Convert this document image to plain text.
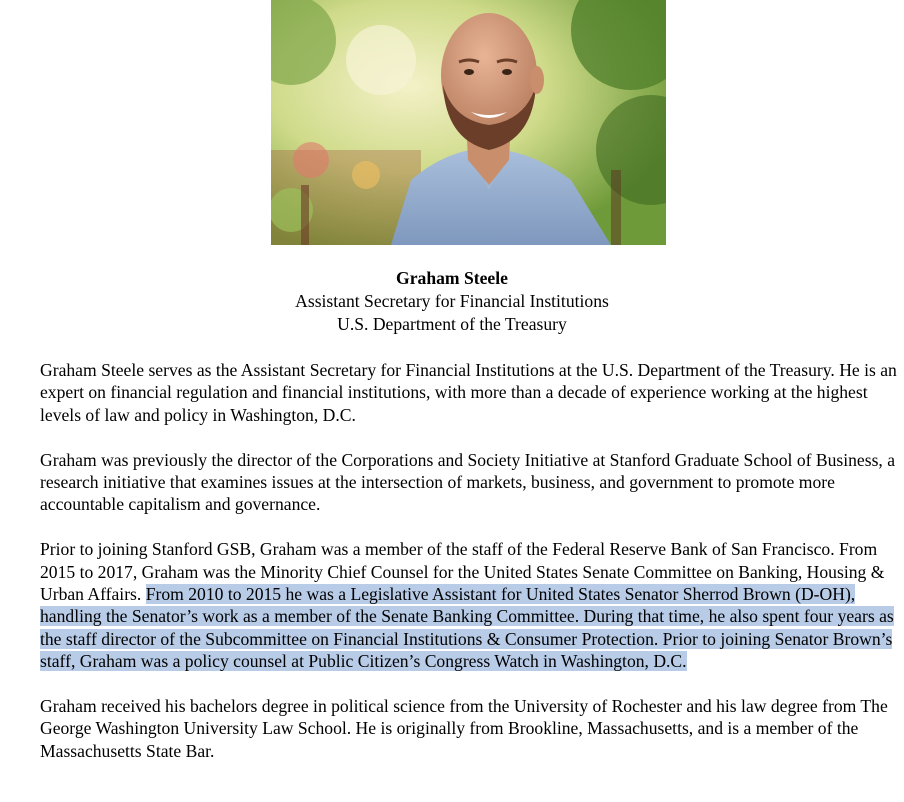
Graham Steele
Assistant Secretary for Financial Institutions
U.S. Department of the Treasury

Graham Steele serves as the Assistant Secretary for Financial Institutions at the U.S. Department of the Treasury. He is an expert on financial regulation and financial institutions, with more than a decade of experience working at the highest levels of law and policy in Washington, D.C.

Graham was previously the director of the Corporations and Society Initiative at Stanford Graduate School of Business, a research initiative that examines issues at the intersection of markets, business, and government to promote more accountable capitalism and governance.

Prior to joining Stanford GSB, Graham was a member of the staff of the Federal Reserve Bank of San Francisco. From 2015 to 2017, Graham was the Minority Chief Counsel for the United States Senate Committee on Banking, Housing & Urban Affairs. From 2010 to 2015 he was a Legislative Assistant for United States Senator Sherrod Brown (D-OH), handling the Senator’s work as a member of the Senate Banking Committee. During that time, he also spent four years as the staff director of the Subcommittee on Financial Institutions & Consumer Protection. Prior to joining Senator Brown’s staff, Graham was a policy counsel at Public Citizen’s Congress Watch in Washington, D.C.

Graham received his bachelors degree in political science from the University of Rochester and his law degree from The George Washington University Law School. He is originally from Brookline, Massachusetts, and is a member of the Massachusetts State Bar.
